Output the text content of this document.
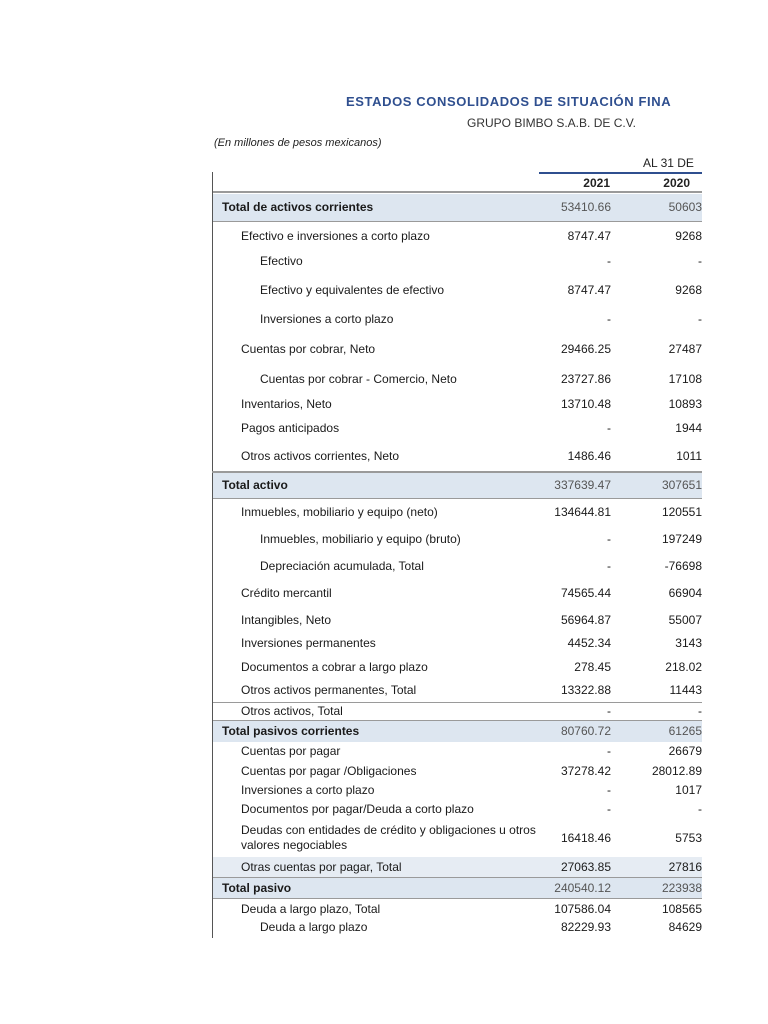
ESTADOS CONSOLIDADOS DE SITUACIÓN FINA
GRUPO BIMBO S.A.B. DE C.V.
(En millones de pesos mexicanos)
AL 31 DE
2021	2020
Total de activos corrientes	53410.66	50603
Efectivo e inversiones a corto plazo	8747.47	9268
Efectivo	-	-
Efectivo y equivalentes de efectivo	8747.47	9268
Inversiones a corto plazo	-	-
Cuentas por cobrar, Neto	29466.25	27487
Cuentas por cobrar - Comercio, Neto	23727.86	17108
Inventarios, Neto	13710.48	10893
Pagos anticipados	-	1944
Otros activos corrientes, Neto	1486.46	1011
Total activo	337639.47	307651
Inmuebles, mobiliario y equipo (neto)	134644.81	120551
Inmuebles, mobiliario y equipo (bruto)	-	197249
Depreciación acumulada, Total	-	-76698
Crédito mercantil	74565.44	66904
Intangibles, Neto	56964.87	55007
Inversiones permanentes	4452.34	3143
Documentos a cobrar a largo plazo	278.45	218.02
Otros activos permanentes, Total	13322.88	11443
Otros activos, Total	-	-
Total pasivos corrientes	80760.72	61265
Cuentas por pagar	-	26679
Cuentas por pagar /Obligaciones	37278.42	28012.89
Inversiones a corto plazo	-	1017
Documentos por pagar/Deuda a corto plazo	-	-
Deudas con entidades de crédito y obligaciones u otros valores negociables	16418.46	5753
Otras cuentas por pagar, Total	27063.85	27816
Total pasivo	240540.12	223938
Deuda a largo plazo, Total	107586.04	108565
Deuda a largo plazo	82229.93	84629
